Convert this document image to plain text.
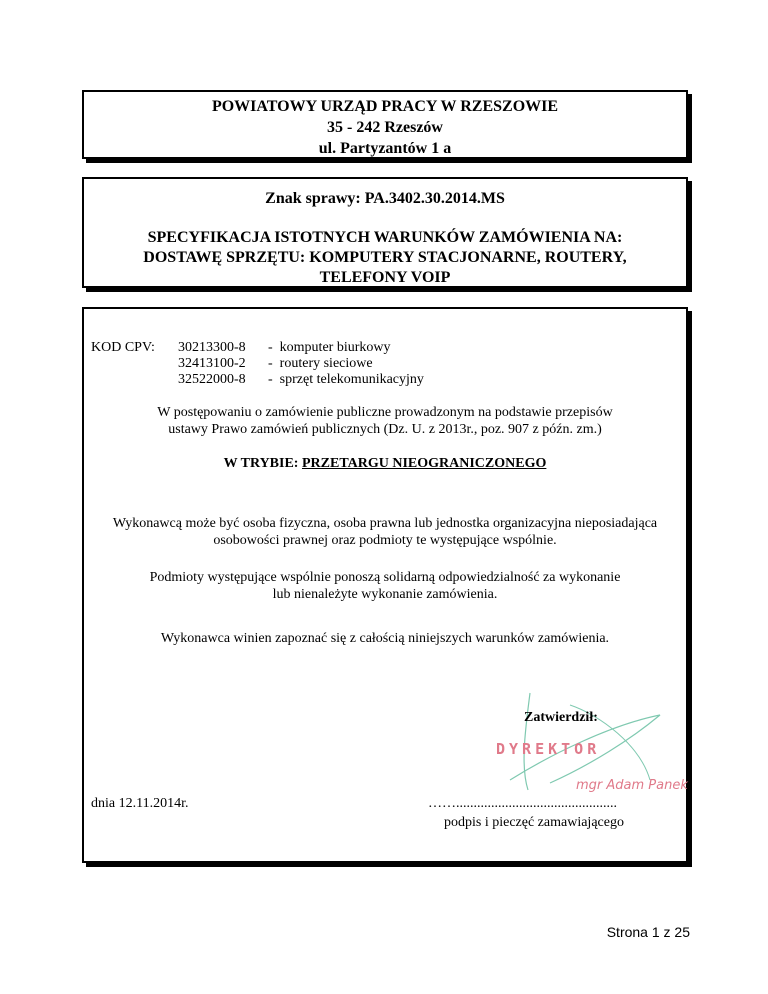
POWIATOWY URZĄD PRACY W RZESZOWIE
35 - 242 Rzeszów
ul. Partyzantów 1 a
Znak sprawy: PA.3402.30.2014.MS
SPECYFIKACJA ISTOTNYCH WARUNKÓW ZAMÓWIENIA NA:
DOSTAWĘ SPRZĘTU: KOMPUTERY STACJONARNE, ROUTERY,
TELEFONY VOIP
KOD CPV: 30213300-8 - komputer biurkowy
32413100-2 - routery sieciowe
32522000-8 - sprzęt telekomunikacyjny
W postępowaniu o zamówienie publiczne prowadzonym na podstawie przepisów
ustawy Prawo zamówień publicznych (Dz. U. z 2013r., poz. 907 z późn. zm.)
W TRYBIE: PRZETARGU NIEOGRANICZONEGO
Wykonawcą może być osoba fizyczna, osoba prawna lub jednostka organizacyjna nieposiadająca
osobowości prawnej oraz podmioty te występujące wspólnie.
Podmioty występujące wspólnie ponoszą solidarną odpowiedzialność za wykonanie
lub nienależyte wykonanie zamówienia.
Wykonawca winien zapoznać się z całością niniejszych warunków zamówienia.
DYREKTOR
mgr Adam Panek
Zatwierdził:
dnia 12.11.2014r.	……..............................................
podpis i pieczęć zamawiającego
Strona 1 z 25
